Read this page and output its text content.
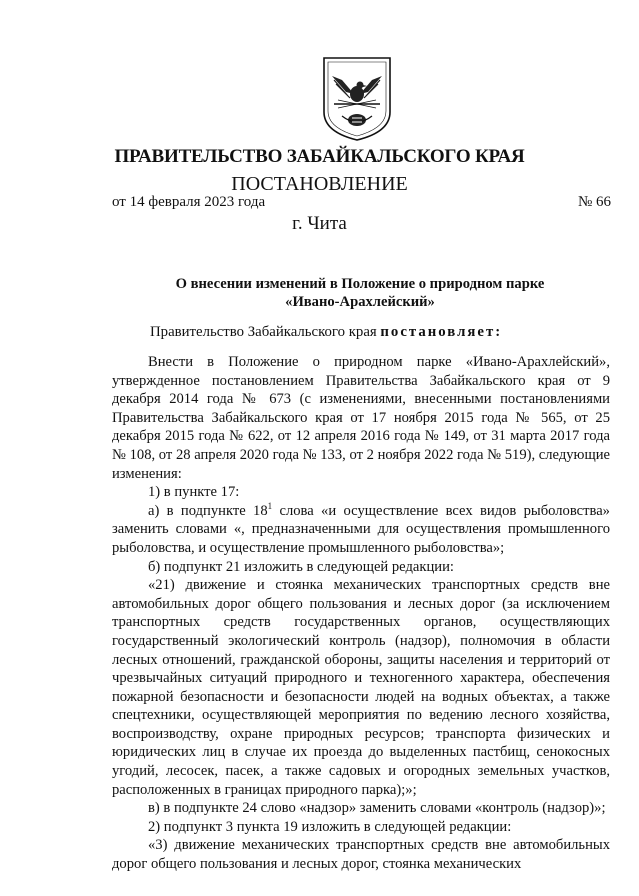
ПРАВИТЕЛЬСТВО ЗАБАЙКАЛЬСКОГО КРАЯ
ПОСТАНОВЛЕНИЕ
от 14 февраля 2023 года	№ 66
г. Чита
О внесении изменений в Положение о природном парке
«Ивано-Арахлейский»
Правительство Забайкальского края постановляет:

Внести в Положение о природном парке «Ивано-Арахлейский», утвержденное постановлением Правительства Забайкальского края от 9 декабря 2014 года № 673 (с изменениями, внесенными постановлениями Правительства Забайкальского края от 17 ноября 2015 года № 565, от 25 декабря 2015 года № 622, от 12 апреля 2016 года № 149, от 31 марта 2017 года № 108, от 28 апреля 2020 года № 133, от 2 ноября 2022 года № 519), следующие изменения:

1) в пункте 17:

а) в подпункте $18^1$ слова «и осуществление всех видов рыболовства» заменить словами «, предназначенными для осуществления промышленного рыболовства, и осуществление промышленного рыболовства»;

б) подпункт 21 изложить в следующей редакции:

«21) движение и стоянка механических транспортных средств вне автомобильных дорог общего пользования и лесных дорог (за исключением транспортных средств государственных органов, осуществляющих государственный экологический контроль (надзор), полномочия в области лесных отношений, гражданской обороны, защиты населения и территорий от чрезвычайных ситуаций природного и техногенного характера, обеспечения пожарной безопасности и безопасности людей на водных объектах, а также спецтехники, осуществляющей мероприятия по ведению лесного хозяйства, воспроизводству, охране природных ресурсов; транспорта физических и юридических лиц в случае их проезда до выделенных пастбищ, сенокосных угодий, лесосек, пасек, а также садовых и огородных земельных участков, расположенных в границах природного парка);»;

в) в подпункте 24 слово «надзор» заменить словами «контроль (надзор)»;

2) подпункт 3 пункта 19 изложить в следующей редакции:

«3) движение механических транспортных средств вне автомобильных дорог общего пользования и лесных дорог, стоянка механических
